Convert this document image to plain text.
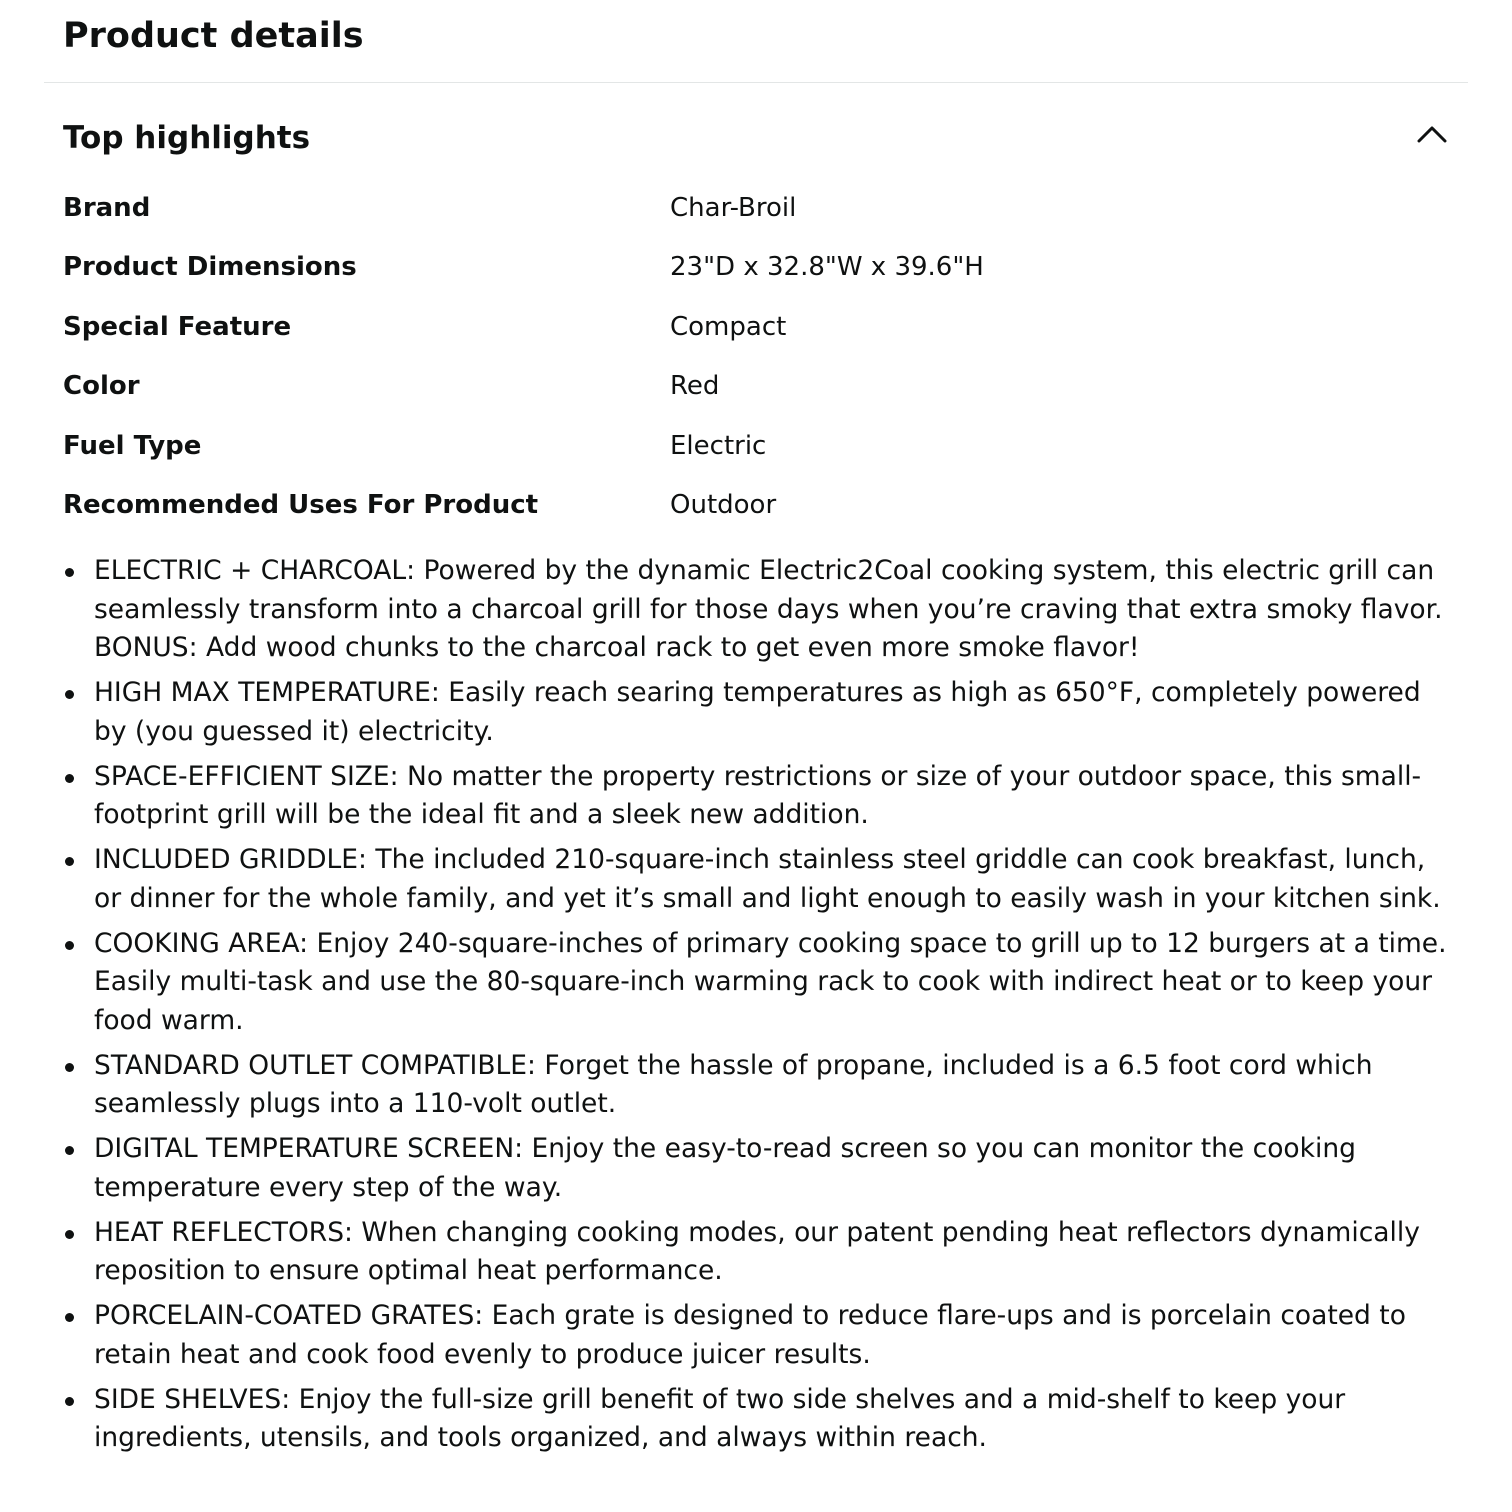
Product details
Top highlights
Brand	Char-Broil
Product Dimensions	23"D x 32.8"W x 39.6"H
Special Feature	Compact
Color	Red
Fuel Type	Electric
Recommended Uses For Product	Outdoor
ELECTRIC + CHARCOAL: Powered by the dynamic Electric2Coal cooking system, this electric grill can seamlessly transform into a charcoal grill for those days when you’re craving that extra smoky flavor. BONUS: Add wood chunks to the charcoal rack to get even more smoke flavor!
HIGH MAX TEMPERATURE: Easily reach searing temperatures as high as 650°F, completely powered by (you guessed it) electricity.
SPACE-EFFICIENT SIZE: No matter the property restrictions or size of your outdoor space, this small-footprint grill will be the ideal fit and a sleek new addition.
INCLUDED GRIDDLE: The included 210-square-inch stainless steel griddle can cook breakfast, lunch, or dinner for the whole family, and yet it’s small and light enough to easily wash in your kitchen sink.
COOKING AREA: Enjoy 240-square-inches of primary cooking space to grill up to 12 burgers at a time. Easily multi-task and use the 80-square-inch warming rack to cook with indirect heat or to keep your food warm.
STANDARD OUTLET COMPATIBLE: Forget the hassle of propane, included is a 6.5 foot cord which seamlessly plugs into a 110-volt outlet.
DIGITAL TEMPERATURE SCREEN: Enjoy the easy-to-read screen so you can monitor the cooking temperature every step of the way.
HEAT REFLECTORS: When changing cooking modes, our patent pending heat reflectors dynamically reposition to ensure optimal heat performance.
PORCELAIN-COATED GRATES: Each grate is designed to reduce flare-ups and is porcelain coated to retain heat and cook food evenly to produce juicer results.
SIDE SHELVES: Enjoy the full-size grill benefit of two side shelves and a mid-shelf to keep your ingredients, utensils, and tools organized, and always within reach.
